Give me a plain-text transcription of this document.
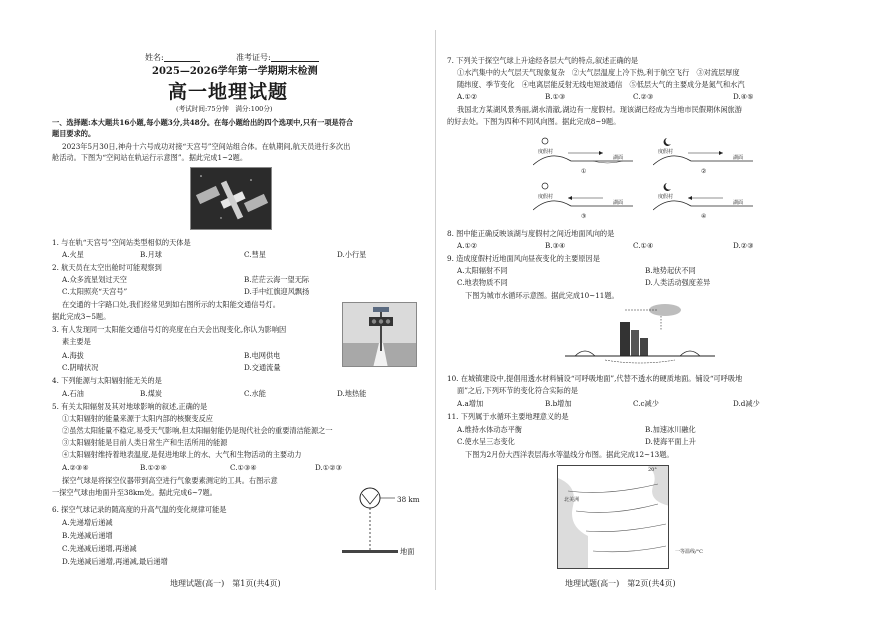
姓名:	准考证号:
2025—2026学年第一学期期末检测
高一地理试题
(考试时间:75分钟　满分:100分)
一、选择题:本大题共16小题,每小题3分,共48分。在每小题给出的四个选项中,只有一项是符合
题目要求的。
2023年5月30日,神舟十六号成功对接“天宫号”空间站组合体。在轨期间,航天员进行多次出
舱活动。下图为“空间站在轨运行示意图”。据此完成1~2题。
1. 与在轨“天宫号”空间站类型相似的天体是
A.火星	B.月球	C.彗星	D.小行星
2. 航天员在太空出舱时可能观察到
A.众多流星划过天空	B.茫茫云海一望无际
C.太阳照亮“天宫号”	D.手中红旗迎风飘扬
在交通的十字路口处,我们经常见到如右图所示的太阳能交通信号灯。
据此完成3~5题。
3. 有人发现同一太阳能交通信号灯的亮度在白天会出现变化,你认为影响因
素主要是
A.海拔	B.电网供电
C.阴晴状况	D.交通流量
4. 下列能源与太阳辐射能无关的是
A.石油	B.煤炭	C.水能	D.地热能
5. 有关太阳辐射及其对地球影响的叙述,正确的是
①太阳辐射的能量来源于太阳内部的核聚变反应
②虽然太阳能量不稳定,易受天气影响,但太阳辐射能仍是现代社会的重要清洁能源之一
③太阳辐射能是目前人类日常生产和生活所用的能源
④太阳辐射维持着地表温度,是促进地球上的水、大气和生物活动的主要动力
A.②③④	B.①②④	C.①③④	D.①②③
探空气球是将探空仪器带到高空进行气象要素测定的工具。右图示意
一探空气球由地面升至38km处。据此完成6~7题。
38 km
地面
6. 探空气球记录的随高度的升高气温的变化规律可能是
A.先递增后递减
B.先递减后递增
C.先递减后递增,再递减
D.先递减后递增,再递减,最后递增
地理试题(高一)　第1页(共4页)
7. 下列关于探空气球上升途经各层大气的特点,叙述正确的是
①水汽集中的大气层天气现象复杂　②大气层温度上冷下热,利于航空飞行　③对流层厚度
随纬度、季节变化　④电离层能反射无线电短波通信　⑤低层大气的主要成分是氮气和水汽
A.①②	B.①③	C.②③	D.④⑤
我国北方某湖风景秀丽,湖水清澈,湖边有一度假村。现该湖已经成为当地市民假期休闲旅游
的好去处。下图为四种不同风向图。据此完成8~9题。
度假村
湖面
①
度假村
湖面
②
度假村
湖面
③
度假村
湖面
④
8. 图中能正确反映该湖与度假村之间近地面风向的是
A.①②	B.③④	C.①④	D.②③
9. 造成度假村近地面风向昼夜变化的主要原因是
A.太阳辐射不同	B.地势起伏不同
C.地表物质不同	D.人类活动强度差异
下图为城市水循环示意图。据此完成10~11题。
10. 在城镇建设中,提倡用透水材料铺设“可呼吸地面”,代替不透水的硬质地面。铺设“可呼吸地
面”之后,下列环节的变化符合实际的是
A.a增加	B.b增加	C.c减少	D.d减少
11. 下列属于水循环主要地理意义的是
A.维持水体动态平衡	B.加速冰川融化
C.使水呈三态变化	D.使海平面上升
下图为2月份大西洋表层海水等温线分布图。据此完成12~13题。
北美洲
20°
一等温线/°C
地理试题(高一)　第2页(共4页)
